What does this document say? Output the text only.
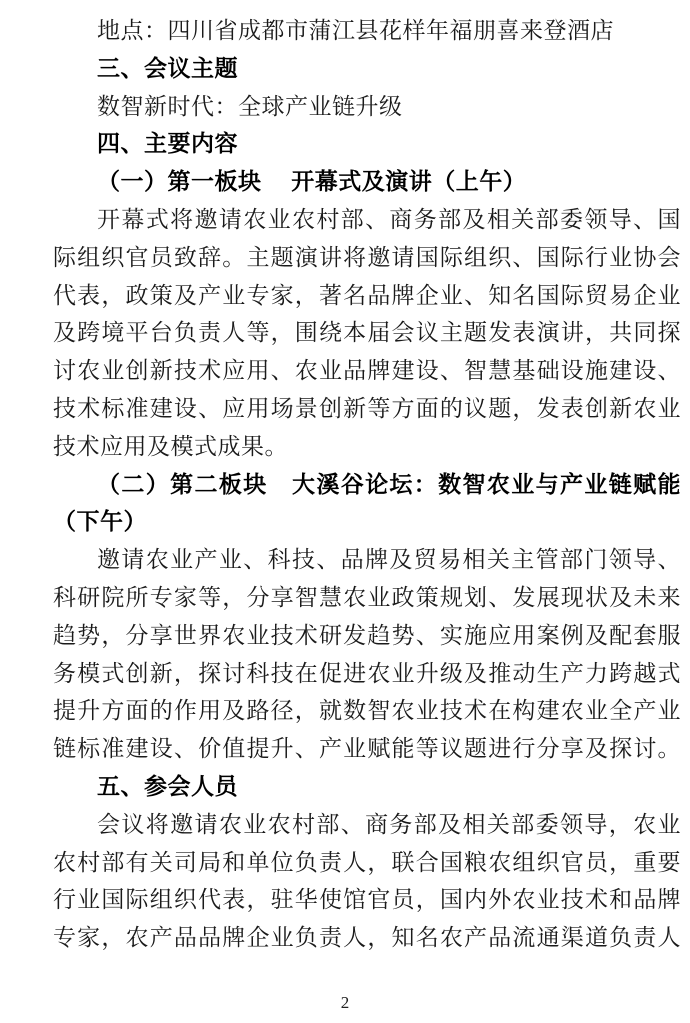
地点：四川省成都市蒲江县花样年福朋喜来登酒店
三、会议主题
数智新时代：全球产业链升级
四、主要内容
（一）第一板块　 开幕式及演讲（上午）
开幕式将邀请农业农村部、商务部及相关部委领导、国
际组织官员致辞。主题演讲将邀请国际组织、国际行业协会
代表，政策及产业专家，著名品牌企业、知名国际贸易企业
及跨境平台负责人等，围绕本届会议主题发表演讲，共同探
讨农业创新技术应用、农业品牌建设、智慧基础设施建设、
技术标准建设、应用场景创新等方面的议题，发表创新农业
技术应用及模式成果。
（二）第二板块　大溪谷论坛：数智农业与产业链赋能
（下午）
邀请农业产业、科技、品牌及贸易相关主管部门领导、
科研院所专家等，分享智慧农业政策规划、发展现状及未来
趋势，分享世界农业技术研发趋势、实施应用案例及配套服
务模式创新，探讨科技在促进农业升级及推动生产力跨越式
提升方面的作用及路径，就数智农业技术在构建农业全产业
链标准建设、价值提升、产业赋能等议题进行分享及探讨。
五、参会人员
会议将邀请农业农村部、商务部及相关部委领导，农业
农村部有关司局和单位负责人，联合国粮农组织官员，重要
行业国际组织代表，驻华使馆官员，国内外农业技术和品牌
专家，农产品品牌企业负责人，知名农产品流通渠道负责人
2
